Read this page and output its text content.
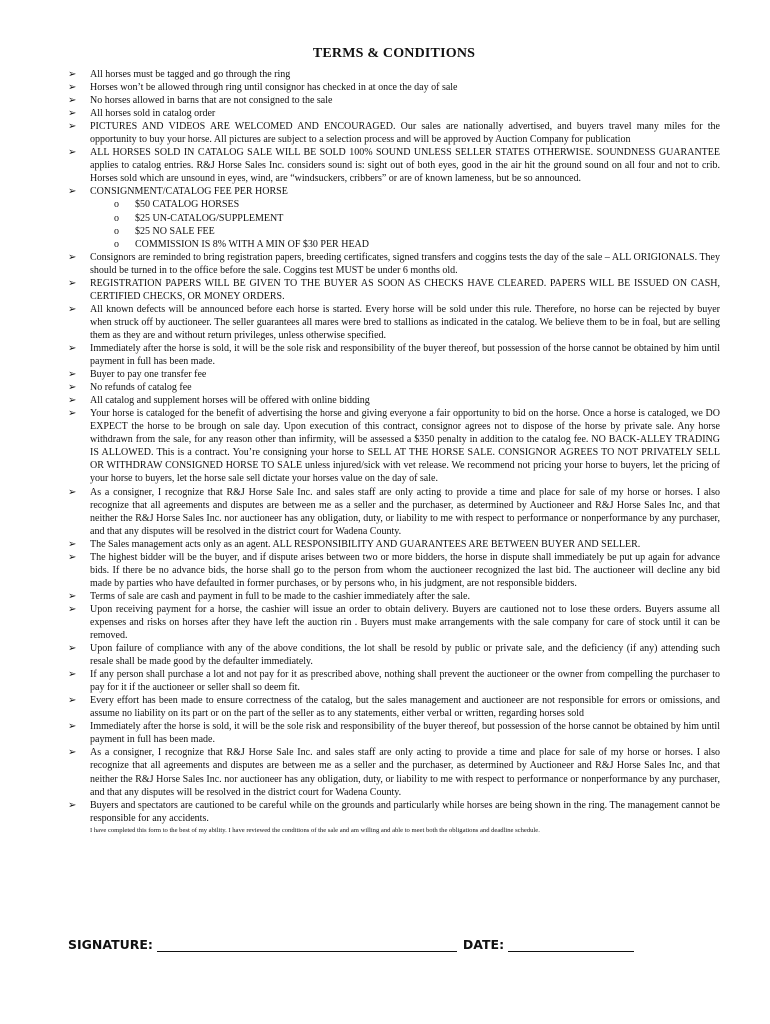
TERMS & CONDITIONS
➢ All horses must be tagged and go through the ring
➢ Horses won’t be allowed through ring until consignor has checked in at once the day of sale
➢ No horses allowed in barns that are not consigned to the sale
➢ All horses sold in catalog order
➢ PICTURES AND VIDEOS ARE WELCOMED AND ENCOURAGED. Our sales are nationally advertised, and buyers travel many miles for the opportunity to buy your horse. All pictures are subject to a selection process and will be approved by Auction Company for publication
➢ ALL HORSES SOLD IN CATALOG SALE WILL BE SOLD 100% SOUND UNLESS SELLER STATES OTHERWISE. SOUNDNESS GUARANTEE applies to catalog entries. R&J Horse Sales Inc. considers sound is: sight out of both eyes, good in the air hit the ground sound on all four and not to crib. Horses sold which are unsound in eyes, wind, are “windsuckers, cribbers” or are of known lameness, but be so announced.
➢ CONSIGNMENT/CATALOG FEE PER HORSE
o $50 CATALOG HORSES
o $25 UN-CATALOG/SUPPLEMENT
o $25 NO SALE FEE
o COMMISSION IS 8% WITH A MIN OF $30 PER HEAD
➢ Consignors are reminded to bring registration papers, breeding certificates, signed transfers and coggins tests the day of the sale – ALL ORIGIONALS. They should be turned in to the office before the sale. Coggins test MUST be under 6 months old.
➢ REGISTRATION PAPERS WILL BE GIVEN TO THE BUYER AS SOON AS CHECKS HAVE CLEARED. PAPERS WILL BE ISSUED ON CASH, CERTIFIED CHECKS, OR MONEY ORDERS.
➢ All known defects will be announced before each horse is started. Every horse will be sold under this rule. Therefore, no horse can be rejected by buyer when struck off by auctioneer. The seller guarantees all mares were bred to stallions as indicated in the catalog. We believe them to be in foal, but are selling them as they are and without return privileges, unless otherwise specified.
➢ Immediately after the horse is sold, it will be the sole risk and responsibility of the buyer thereof, but possession of the horse cannot be obtained by him until payment in full has been made.
➢ Buyer to pay one transfer fee
➢ No refunds of catalog fee
➢ All catalog and supplement horses will be offered with online bidding
➢ Your horse is cataloged for the benefit of advertising the horse and giving everyone a fair opportunity to bid on the horse. Once a horse is cataloged, we DO EXPECT the horse to be brough on sale day. Upon execution of this contract, consignor agrees not to dispose of the horse by private sale. Any horse withdrawn from the sale, for any reason other than infirmity, will be assessed a $350 penalty in addition to the catalog fee. NO BACK-ALLEY TRADING IS ALLOWED. This is a contract. You’re consigning your horse to SELL AT THE HORSE SALE. CONSIGNOR AGREES TO NOT PRIVATELY SELL OR WITHDRAW CONSIGNED HORSE TO SALE unless injured/sick with vet release. We recommend not pricing your horse to buyers, let the pricing of your horse to buyers, let the horse sale sell dictate your horses value on the day of sale.
➢ As a consigner, I recognize that R&J Horse Sale Inc. and sales staff are only acting to provide a time and place for sale of my horse or horses. I also recognize that all agreements and disputes are between me as a seller and the purchaser, as determined by Auctioneer and R&J Horse Sales Inc, and that neither the R&J Horse Sales Inc. nor auctioneer has any obligation, duty, or liability to me with respect to performance or nonperformance by any purchaser, and that any disputes will be resolved in the district court for Wadena County.
➢ The Sales management acts only as an agent. ALL RESPONSIBILITY AND GUARANTEES ARE BETWEEN BUYER AND SELLER.
➢ The highest bidder will be the buyer, and if dispute arises between two or more bidders, the horse in dispute shall immediately be put up again for advance bids. If there be no advance bids, the horse shall go to the person from whom the auctioneer recognized the last bid. The auctioneer will decline any bid made by parties who have defaulted in former purchases, or by persons who, in his judgment, are not responsible bidders.
➢ Terms of sale are cash and payment in full to be made to the cashier immediately after the sale.
➢ Upon receiving payment for a horse, the cashier will issue an order to obtain delivery. Buyers are cautioned not to lose these orders. Buyers assume all expenses and risks on horses after they have left the auction rin . Buyers must make arrangements with the sale company for care of stock until it can be removed.
➢ Upon failure of compliance with any of the above conditions, the lot shall be resold by public or private sale, and the deficiency (if any) attending such resale shall be made good by the defaulter immediately.
➢ If any person shall purchase a lot and not pay for it as prescribed above, nothing shall prevent the auctioneer or the owner from compelling the purchaser to pay for it if the auctioneer or seller shall so deem fit.
➢ Every effort has been made to ensure correctness of the catalog, but the sales management and auctioneer are not responsible for errors or omissions, and assume no liability on its part or on the part of the seller as to any statements, either verbal or written, regarding horses sold
➢ Immediately after the horse is sold, it will be the sole risk and responsibility of the buyer thereof, but possession of the horse cannot be obtained by him until payment in full has been made.
➢ As a consigner, I recognize that R&J Horse Sale Inc. and sales staff are only acting to provide a time and place for sale of my horse or horses. I also recognize that all agreements and disputes are between me as a seller and the purchaser, as determined by Auctioneer and R&J Horse Sales Inc, and that neither the R&J Horse Sales Inc. nor auctioneer has any obligation, duty, or liability to me with respect to performance or nonperformance by any purchaser, and that any disputes will be resolved in the district court for Wadena County.
➢ Buyers and spectators are cautioned to be careful while on the grounds and particularly while horses are being shown in the ring. The management cannot be responsible for any accidents.
I have completed this form to the best of my ability. I have reviewed the conditions of the sale and am willing and able to meet both the obligations and deadline schedule.
SIGNATURE:	DATE:
